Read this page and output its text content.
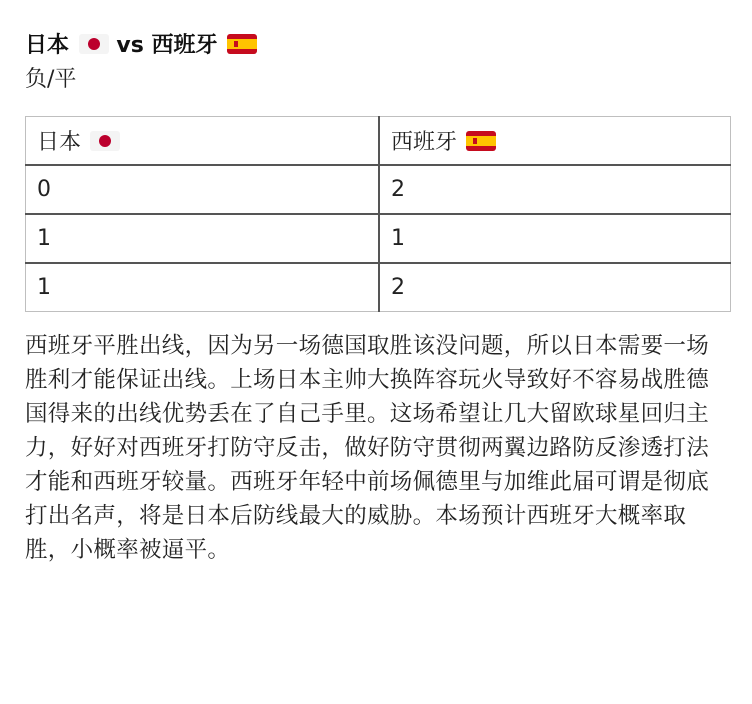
日本 vs 西班牙
负/平
日本	西班牙

0	2
1	1
1	2
西班牙平胜出线，因为另一场德国取胜该没问题，所以日本需要一场胜利才能保证出线。上场日本主帅大换阵容玩火导致好不容易战胜德国得来的出线优势丢在了自己手里。这场希望让几大留欧球星回归主力，好好对西班牙打防守反击，做好防守贯彻两翼边路防反渗透打法才能和西班牙较量。西班牙年轻中前场佩德里与加维此届可谓是彻底打出名声，将是日本后防线最大的威胁。本场预计西班牙大概率取胜，小概率被逼平。
